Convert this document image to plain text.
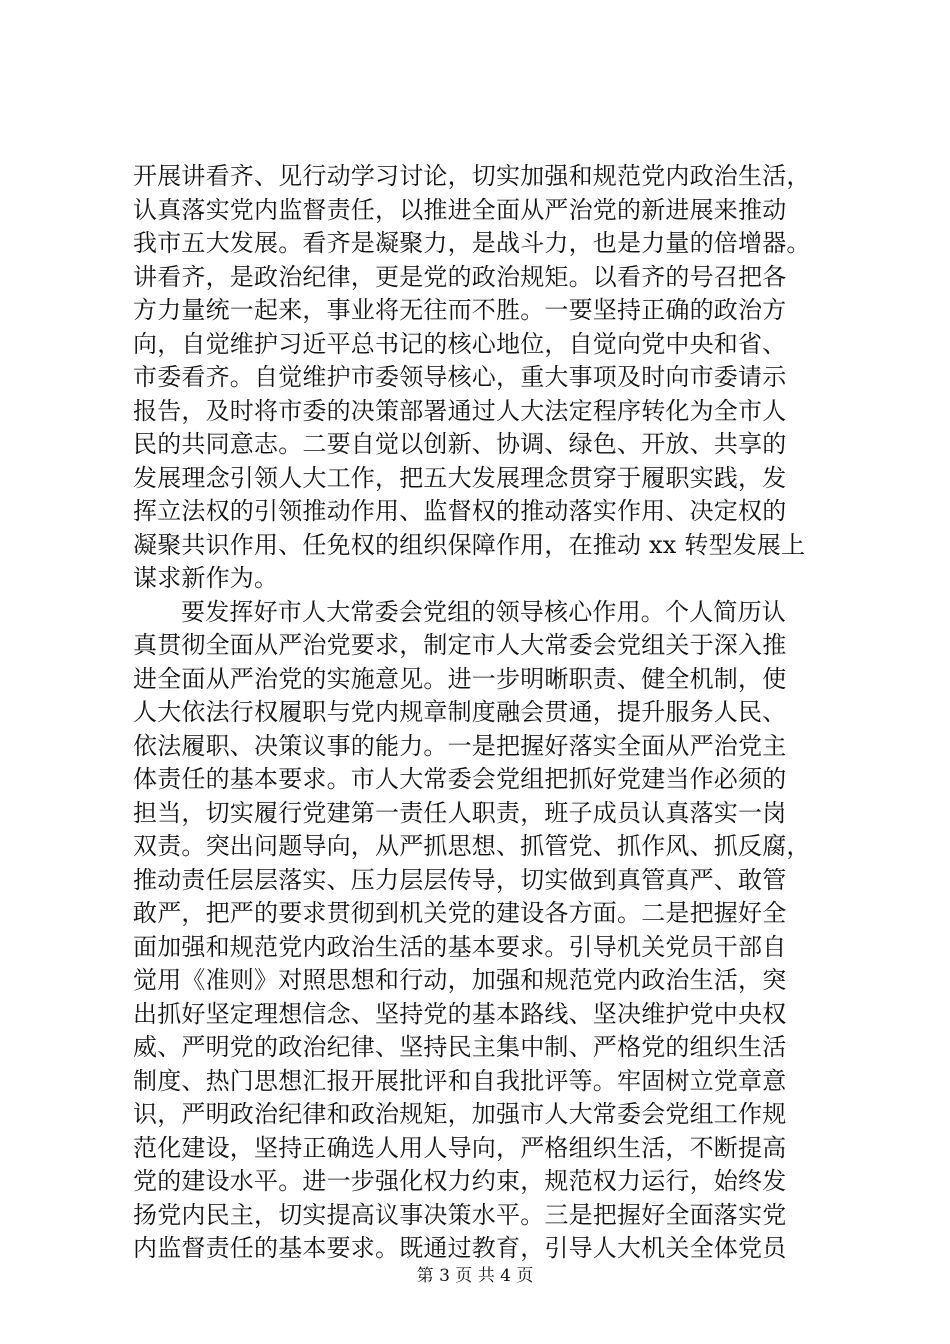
开展讲看齐、见行动学习讨论，切实加强和规范党内政治生活，
认真落实党内监督责任，以推进全面从严治党的新进展来推动
我市五大发展。看齐是凝聚力，是战斗力，也是力量的倍增器。
讲看齐，是政治纪律，更是党的政治规矩。以看齐的号召把各
方力量统一起来，事业将无往而不胜。一要坚持正确的政治方
向，自觉维护习近平总书记的核心地位，自觉向党中央和省、
市委看齐。自觉维护市委领导核心，重大事项及时向市委请示
报告，及时将市委的决策部署通过人大法定程序转化为全市人
民的共同意志。二要自觉以创新、协调、绿色、开放、共享的
发展理念引领人大工作，把五大发展理念贯穿于履职实践，发
挥立法权的引领推动作用、监督权的推动落实作用、决定权的
凝聚共识作用、任免权的组织保障作用，在推动 xx 转型发展上
谋求新作为。
要发挥好市人大常委会党组的领导核心作用。个人简历认
真贯彻全面从严治党要求，制定市人大常委会党组关于深入推
进全面从严治党的实施意见。进一步明晰职责、健全机制，使
人大依法行权履职与党内规章制度融会贯通，提升服务人民、
依法履职、决策议事的能力。一是把握好落实全面从严治党主
体责任的基本要求。市人大常委会党组把抓好党建当作必须的
担当，切实履行党建第一责任人职责，班子成员认真落实一岗
双责。突出问题导向，从严抓思想、抓管党、抓作风、抓反腐，
推动责任层层落实、压力层层传导，切实做到真管真严、敢管
敢严，把严的要求贯彻到机关党的建设各方面。二是把握好全
面加强和规范党内政治生活的基本要求。引导机关党员干部自
觉用《准则》对照思想和行动，加强和规范党内政治生活，突
出抓好坚定理想信念、坚持党的基本路线、坚决维护党中央权
威、严明党的政治纪律、坚持民主集中制、严格党的组织生活
制度、热门思想汇报开展批评和自我批评等。牢固树立党章意
识，严明政治纪律和政治规矩，加强市人大常委会党组工作规
范化建设，坚持正确选人用人导向，严格组织生活，不断提高
党的建设水平。进一步强化权力约束，规范权力运行，始终发
扬党内民主，切实提高议事决策水平。三是把握好全面落实党
内监督责任的基本要求。既通过教育，引导人大机关全体党员
第 3 页 共 4 页
